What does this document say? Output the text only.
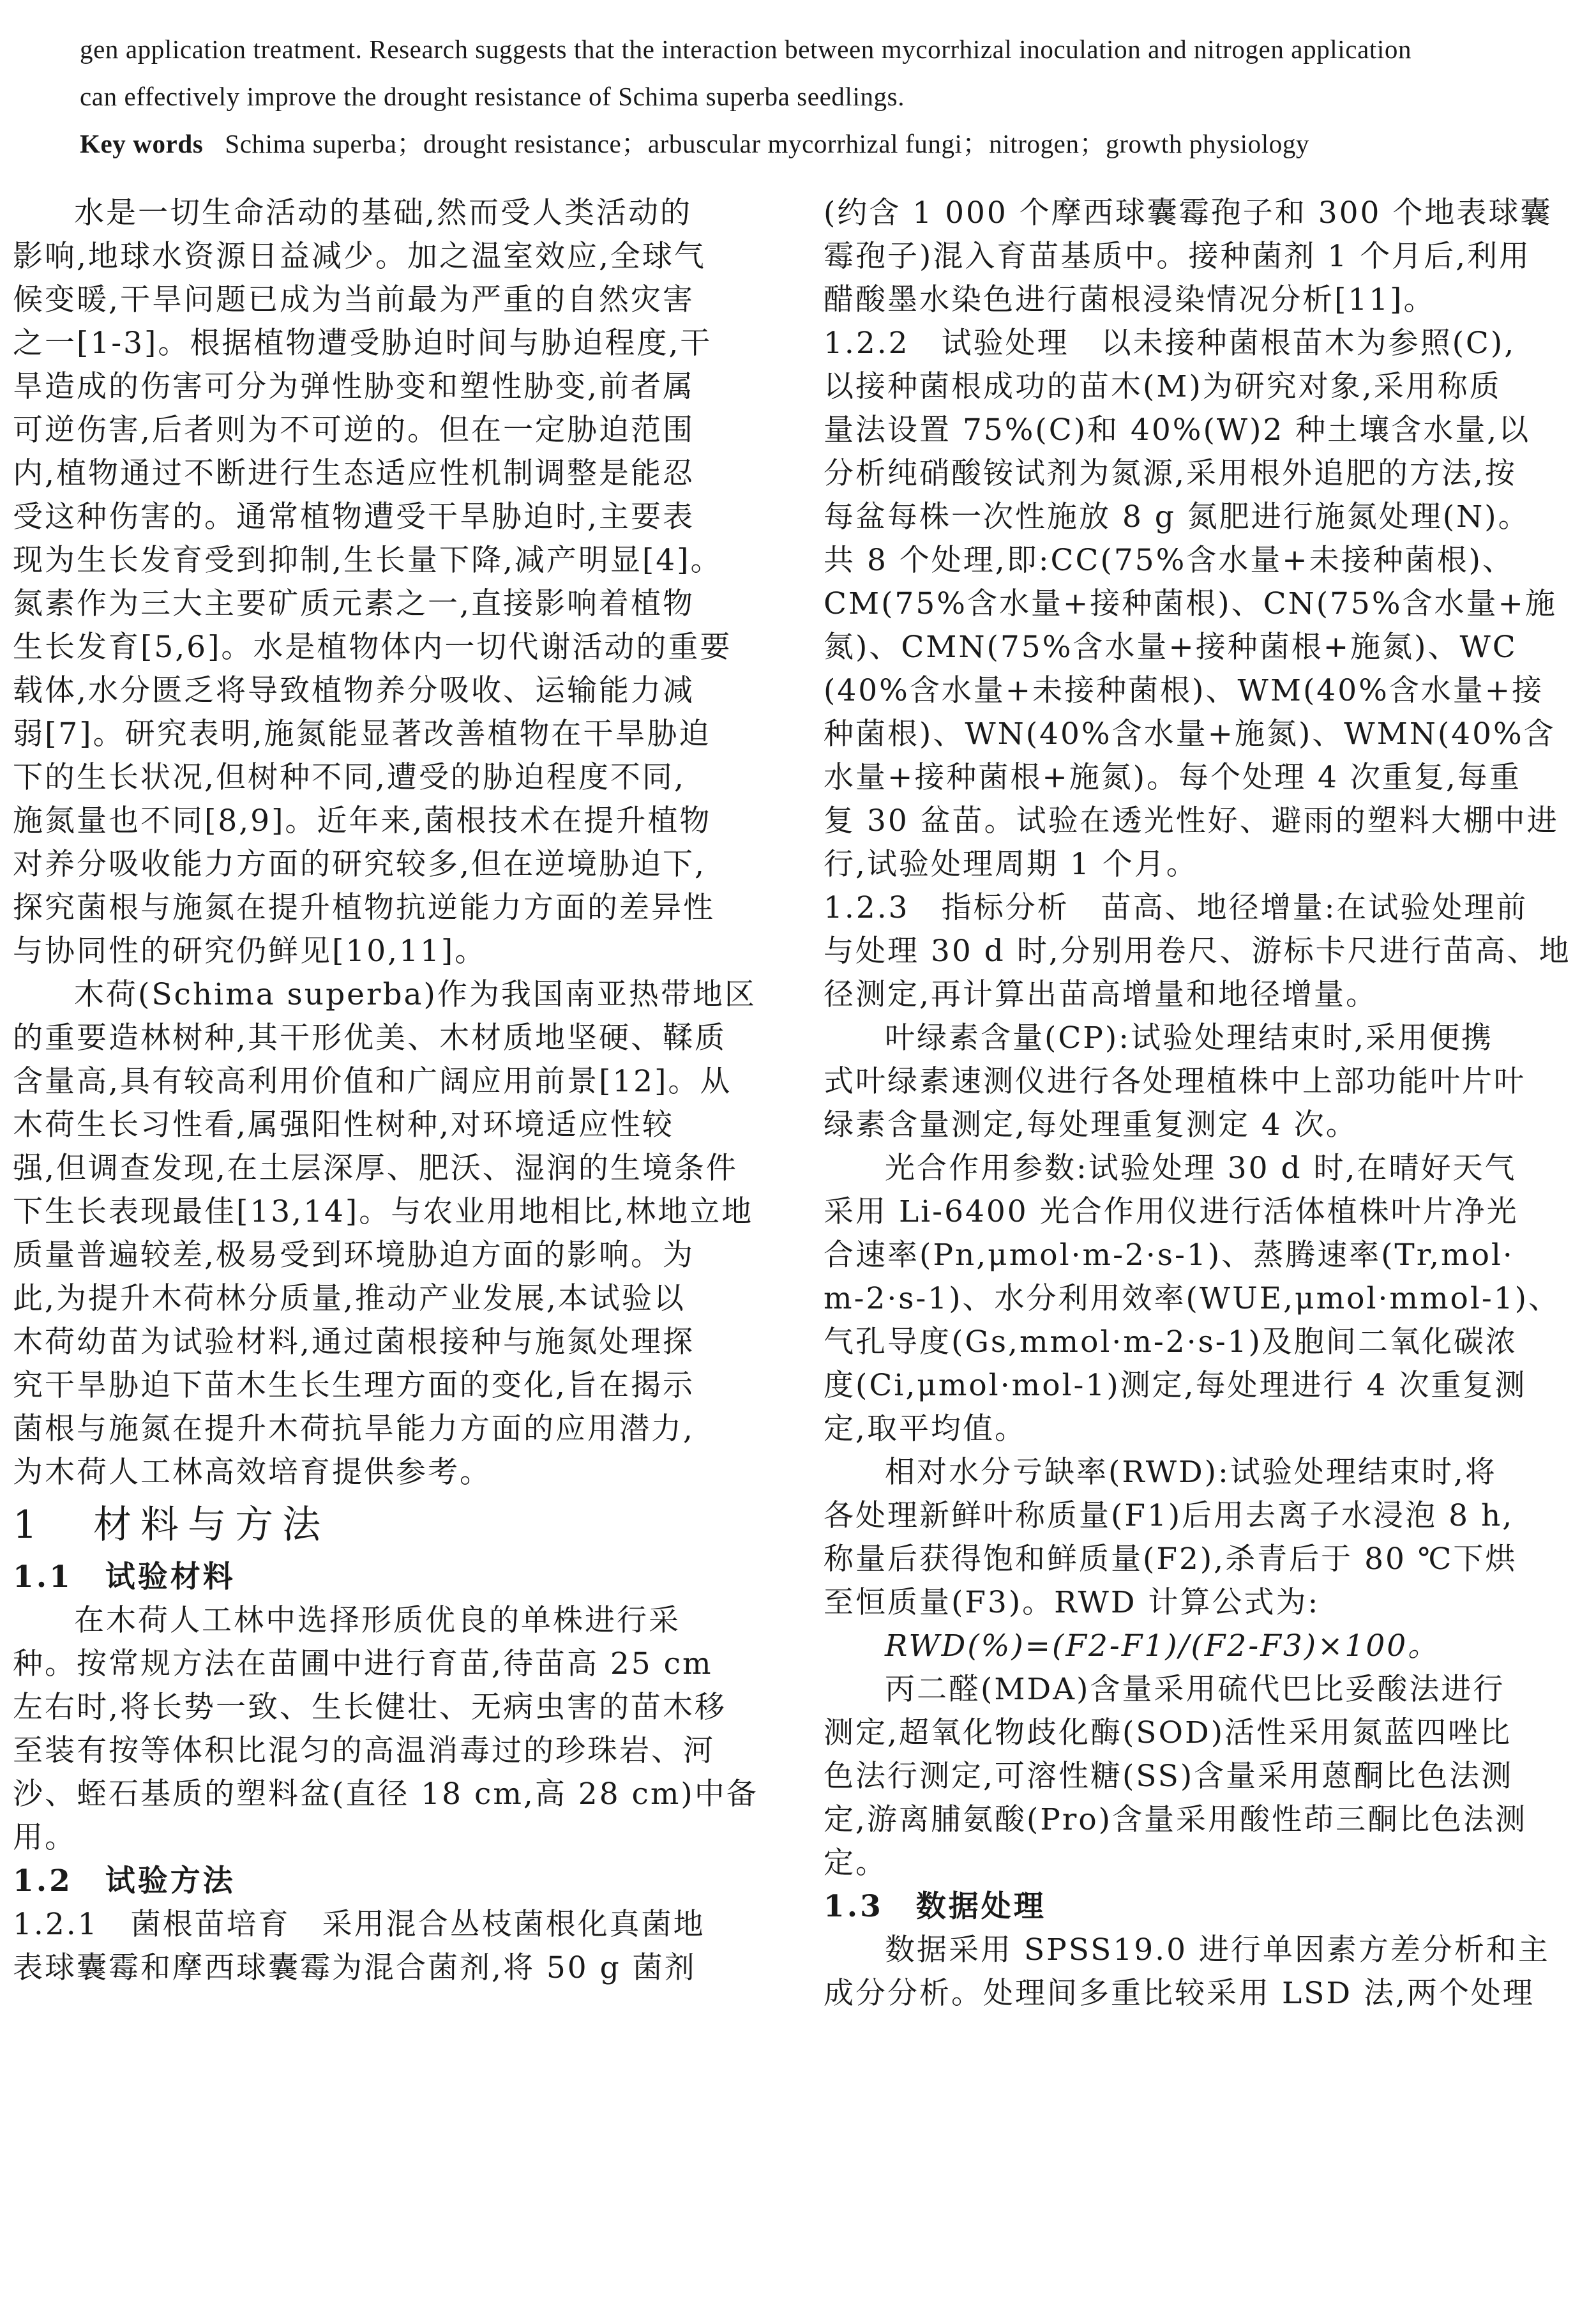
gen application treatment. Research suggests that the interaction between mycorrhizal inoculation and nitrogen application
can effectively improve the drought resistance of Schima superba seedlings.
Key words Schima superba；drought resistance；arbuscular mycorrhizal fungi；nitrogen；growth physiology
水是一切生命活动的基础,然而受人类活动的
影响,地球水资源日益减少。加之温室效应,全球气
候变暖,干旱问题已成为当前最为严重的自然灾害
之一[1-3]。根据植物遭受胁迫时间与胁迫程度,干
旱造成的伤害可分为弹性胁变和塑性胁变,前者属
可逆伤害,后者则为不可逆的。但在一定胁迫范围
内,植物通过不断进行生态适应性机制调整是能忍
受这种伤害的。通常植物遭受干旱胁迫时,主要表
现为生长发育受到抑制,生长量下降,减产明显[4]。
氮素作为三大主要矿质元素之一,直接影响着植物
生长发育[5,6]。水是植物体内一切代谢活动的重要
载体,水分匮乏将导致植物养分吸收、运输能力减
弱[7]。研究表明,施氮能显著改善植物在干旱胁迫
下的生长状况,但树种不同,遭受的胁迫程度不同,
施氮量也不同[8,9]。近年来,菌根技术在提升植物
对养分吸收能力方面的研究较多,但在逆境胁迫下,
探究菌根与施氮在提升植物抗逆能力方面的差异性
与协同性的研究仍鲜见[10,11]。
木荷(Schima superba)作为我国南亚热带地区
的重要造林树种,其干形优美、木材质地坚硬、鞣质
含量高,具有较高利用价值和广阔应用前景[12]。从
木荷生长习性看,属强阳性树种,对环境适应性较
强,但调查发现,在土层深厚、肥沃、湿润的生境条件
下生长表现最佳[13,14]。与农业用地相比,林地立地
质量普遍较差,极易受到环境胁迫方面的影响。为
此,为提升木荷林分质量,推动产业发展,本试验以
木荷幼苗为试验材料,通过菌根接种与施氮处理探
究干旱胁迫下苗木生长生理方面的变化,旨在揭示
菌根与施氮在提升木荷抗旱能力方面的应用潜力,
为木荷人工林高效培育提供参考。
1　材料与方法
1.1　试验材料
在木荷人工林中选择形质优良的单株进行采
种。按常规方法在苗圃中进行育苗,待苗高 25 cm
左右时,将长势一致、生长健壮、无病虫害的苗木移
至装有按等体积比混匀的高温消毒过的珍珠岩、河
沙、蛭石基质的塑料盆(直径 18 cm,高 28 cm)中备
用。
1.2　试验方法
1.2.1　菌根苗培育　采用混合丛枝菌根化真菌地
表球囊霉和摩西球囊霉为混合菌剂,将 50 g 菌剂
(约含 1 000 个摩西球囊霉孢子和 300 个地表球囊
霉孢子)混入育苗基质中。接种菌剂 1 个月后,利用
醋酸墨水染色进行菌根浸染情况分析[11]。
1.2.2　试验处理　以未接种菌根苗木为参照(C),
以接种菌根成功的苗木(M)为研究对象,采用称质
量法设置 75%(C)和 40%(W)2 种土壤含水量,以
分析纯硝酸铵试剂为氮源,采用根外追肥的方法,按
每盆每株一次性施放 8 g 氮肥进行施氮处理(N)。
共 8 个处理,即:CC(75%含水量+未接种菌根)、
CM(75%含水量+接种菌根)、CN(75%含水量+施
氮)、CMN(75%含水量+接种菌根+施氮)、WC
(40%含水量+未接种菌根)、WM(40%含水量+接
种菌根)、WN(40%含水量+施氮)、WMN(40%含
水量+接种菌根+施氮)。每个处理 4 次重复,每重
复 30 盆苗。试验在透光性好、避雨的塑料大棚中进
行,试验处理周期 1 个月。
1.2.3　指标分析　苗高、地径增量:在试验处理前
与处理 30 d 时,分别用卷尺、游标卡尺进行苗高、地
径测定,再计算出苗高增量和地径增量。
叶绿素含量(CP):试验处理结束时,采用便携
式叶绿素速测仪进行各处理植株中上部功能叶片叶
绿素含量测定,每处理重复测定 4 次。
光合作用参数:试验处理 30 d 时,在晴好天气
采用 Li-6400 光合作用仪进行活体植株叶片净光
合速率(Pn,μmol·m-2·s-1)、蒸腾速率(Tr,mol·
m-2·s-1)、水分利用效率(WUE,μmol·mmol-1)、
气孔导度(Gs,mmol·m-2·s-1)及胞间二氧化碳浓
度(Ci,μmol·mol-1)测定,每处理进行 4 次重复测
定,取平均值。
相对水分亏缺率(RWD):试验处理结束时,将
各处理新鲜叶称质量(F1)后用去离子水浸泡 8 h,
称量后获得饱和鲜质量(F2),杀青后于 80 ℃下烘
至恒质量(F3)。RWD 计算公式为:
RWD(%)=(F2-F1)/(F2-F3)×100。
丙二醛(MDA)含量采用硫代巴比妥酸法进行
测定,超氧化物歧化酶(SOD)活性采用氮蓝四唑比
色法行测定,可溶性糖(SS)含量采用蒽酮比色法测
定,游离脯氨酸(Pro)含量采用酸性茚三酮比色法测
定。
1.3　数据处理
数据采用 SPSS19.0 进行单因素方差分析和主
成分分析。处理间多重比较采用 LSD 法,两个处理
